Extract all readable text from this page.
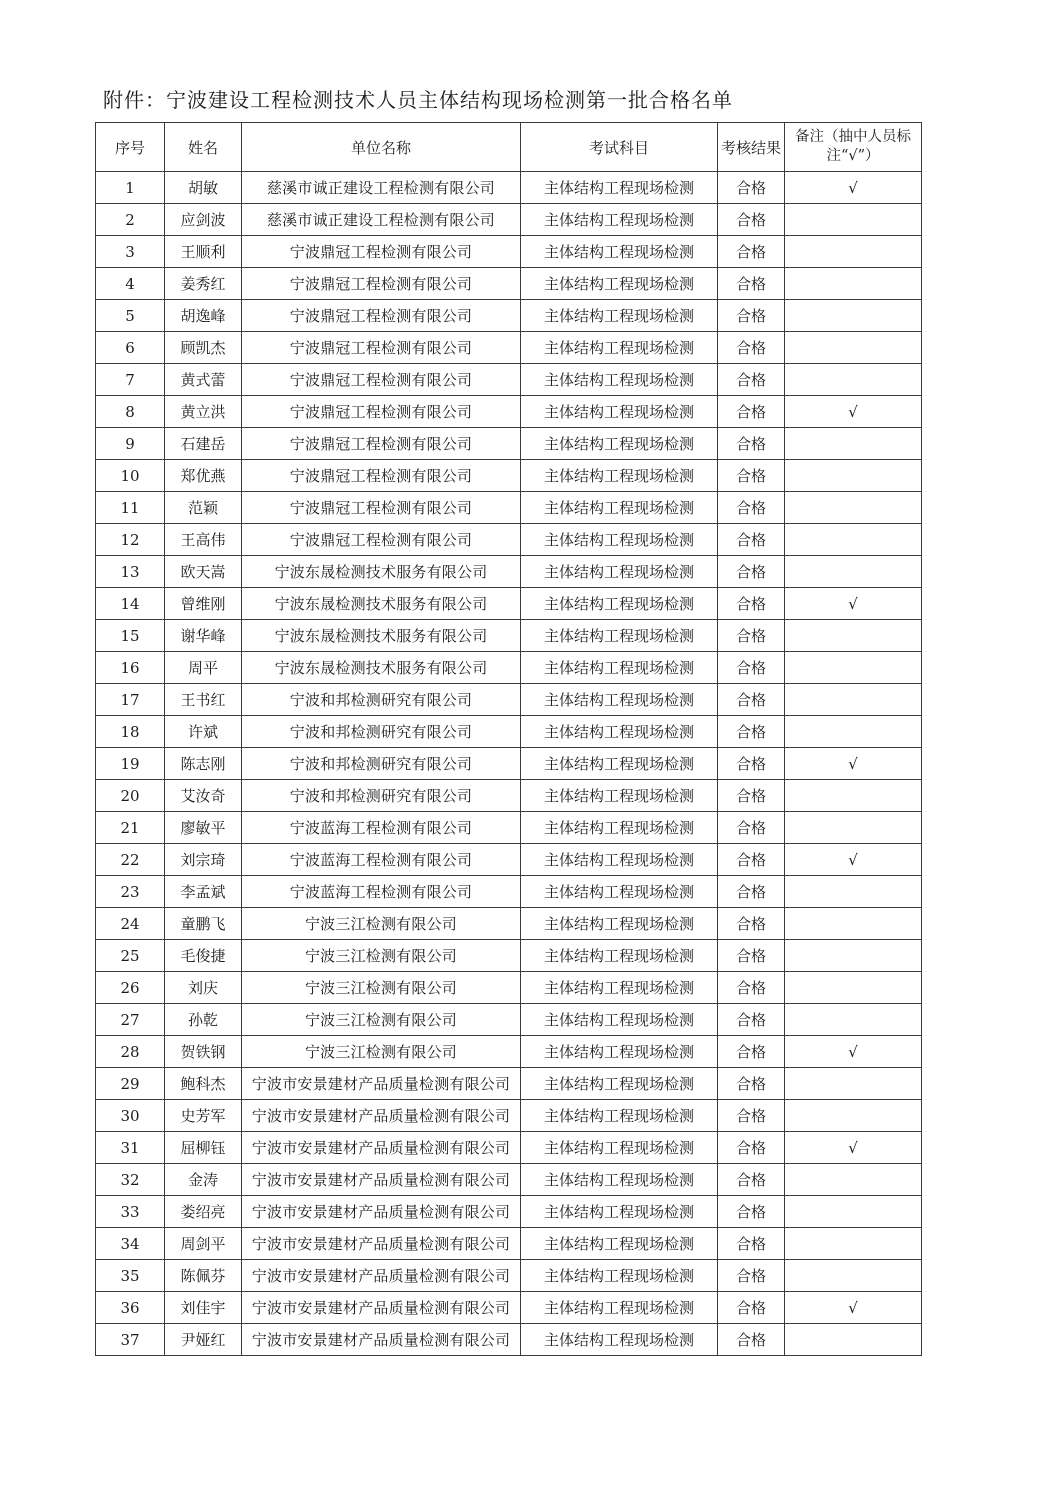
附件：宁波建设工程检测技术人员主体结构现场检测第一批合格名单
序号	姓名	单位名称	考试科目	考核结果	备注（抽中人员标注“√”）
1	胡敏	慈溪市诚正建设工程检测有限公司	主体结构工程现场检测	合格	√
2	应剑波	慈溪市诚正建设工程检测有限公司	主体结构工程现场检测	合格	
3	王顺利	宁波鼎冠工程检测有限公司	主体结构工程现场检测	合格	
4	姜秀红	宁波鼎冠工程检测有限公司	主体结构工程现场检测	合格	
5	胡逸峰	宁波鼎冠工程检测有限公司	主体结构工程现场检测	合格	
6	顾凯杰	宁波鼎冠工程检测有限公司	主体结构工程现场检测	合格	
7	黄式蕾	宁波鼎冠工程检测有限公司	主体结构工程现场检测	合格	
8	黄立洪	宁波鼎冠工程检测有限公司	主体结构工程现场检测	合格	√
9	石建岳	宁波鼎冠工程检测有限公司	主体结构工程现场检测	合格	
10	郑优燕	宁波鼎冠工程检测有限公司	主体结构工程现场检测	合格	
11	范颖	宁波鼎冠工程检测有限公司	主体结构工程现场检测	合格	
12	王高伟	宁波鼎冠工程检测有限公司	主体结构工程现场检测	合格	
13	欧天嵩	宁波东晟检测技术服务有限公司	主体结构工程现场检测	合格	
14	曾维刚	宁波东晟检测技术服务有限公司	主体结构工程现场检测	合格	√
15	谢华峰	宁波东晟检测技术服务有限公司	主体结构工程现场检测	合格	
16	周平	宁波东晟检测技术服务有限公司	主体结构工程现场检测	合格	
17	王书红	宁波和邦检测研究有限公司	主体结构工程现场检测	合格	
18	许斌	宁波和邦检测研究有限公司	主体结构工程现场检测	合格	
19	陈志刚	宁波和邦检测研究有限公司	主体结构工程现场检测	合格	√
20	艾汝奇	宁波和邦检测研究有限公司	主体结构工程现场检测	合格	
21	廖敏平	宁波蓝海工程检测有限公司	主体结构工程现场检测	合格	
22	刘宗琦	宁波蓝海工程检测有限公司	主体结构工程现场检测	合格	√
23	李孟斌	宁波蓝海工程检测有限公司	主体结构工程现场检测	合格	
24	童鹏飞	宁波三江检测有限公司	主体结构工程现场检测	合格	
25	毛俊捷	宁波三江检测有限公司	主体结构工程现场检测	合格	
26	刘庆	宁波三江检测有限公司	主体结构工程现场检测	合格	
27	孙乾	宁波三江检测有限公司	主体结构工程现场检测	合格	
28	贺铁钢	宁波三江检测有限公司	主体结构工程现场检测	合格	√
29	鲍科杰	宁波市安景建材产品质量检测有限公司	主体结构工程现场检测	合格	
30	史芳军	宁波市安景建材产品质量检测有限公司	主体结构工程现场检测	合格	
31	屈柳钰	宁波市安景建材产品质量检测有限公司	主体结构工程现场检测	合格	√
32	金涛	宁波市安景建材产品质量检测有限公司	主体结构工程现场检测	合格	
33	娄绍亮	宁波市安景建材产品质量检测有限公司	主体结构工程现场检测	合格	
34	周剑平	宁波市安景建材产品质量检测有限公司	主体结构工程现场检测	合格	
35	陈佩芬	宁波市安景建材产品质量检测有限公司	主体结构工程现场检测	合格	
36	刘佳宇	宁波市安景建材产品质量检测有限公司	主体结构工程现场检测	合格	√
37	尹娅红	宁波市安景建材产品质量检测有限公司	主体结构工程现场检测	合格	
